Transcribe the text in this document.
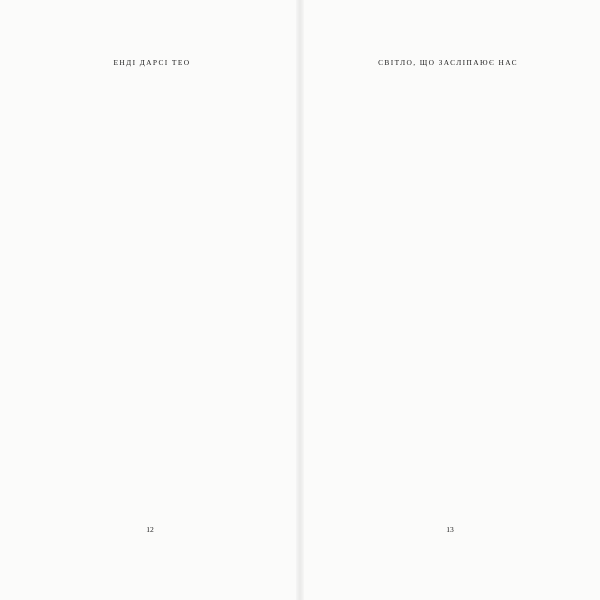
ЕНДІ ДАРСІ ТЕО
12
СВІТЛО, ЩО ЗАСЛІПАЮЄ НАС
13
